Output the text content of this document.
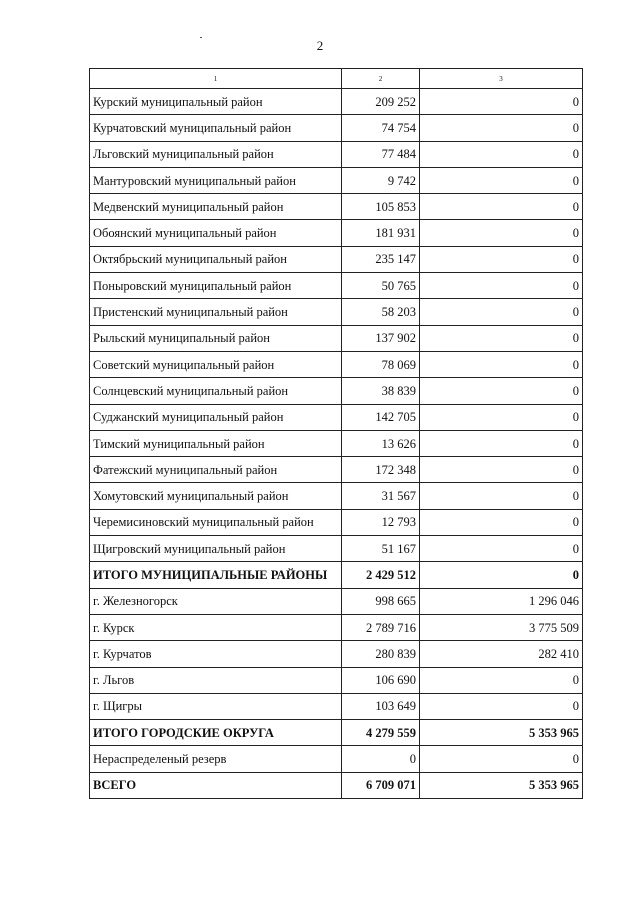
2
1	2	3
Курский муниципальный район	209 252	0
Курчатовский муниципальный район	74 754	0
Льговский муниципальный район	77 484	0
Мантуровский муниципальный район	9 742	0
Медвенский муниципальный район	105 853	0
Обоянский муниципальный район	181 931	0
Октябрьский муниципальный район	235 147	0
Поныровский муниципальный район	50 765	0
Пристенский муниципальный район	58 203	0
Рыльский муниципальный район	137 902	0
Советский муниципальный район	78 069	0
Солнцевский муниципальный район	38 839	0
Суджанский муниципальный район	142 705	0
Тимский муниципальный район	13 626	0
Фатежский муниципальный район	172 348	0
Хомутовский муниципальный район	31 567	0
Черемисиновский муниципальный район	12 793	0
Щигровский муниципальный район	51 167	0
ИТОГО МУНИЦИПАЛЬНЫЕ РАЙОНЫ	2 429 512	0
г. Железногорск	998 665	1 296 046
г. Курск	2 789 716	3 775 509
г. Курчатов	280 839	282 410
г. Льгов	106 690	0
г. Щигры	103 649	0
ИТОГО ГОРОДСКИЕ ОКРУГА	4 279 559	5 353 965
Нераспределеный резерв	0	0
ВСЕГО	6 709 071	5 353 965
